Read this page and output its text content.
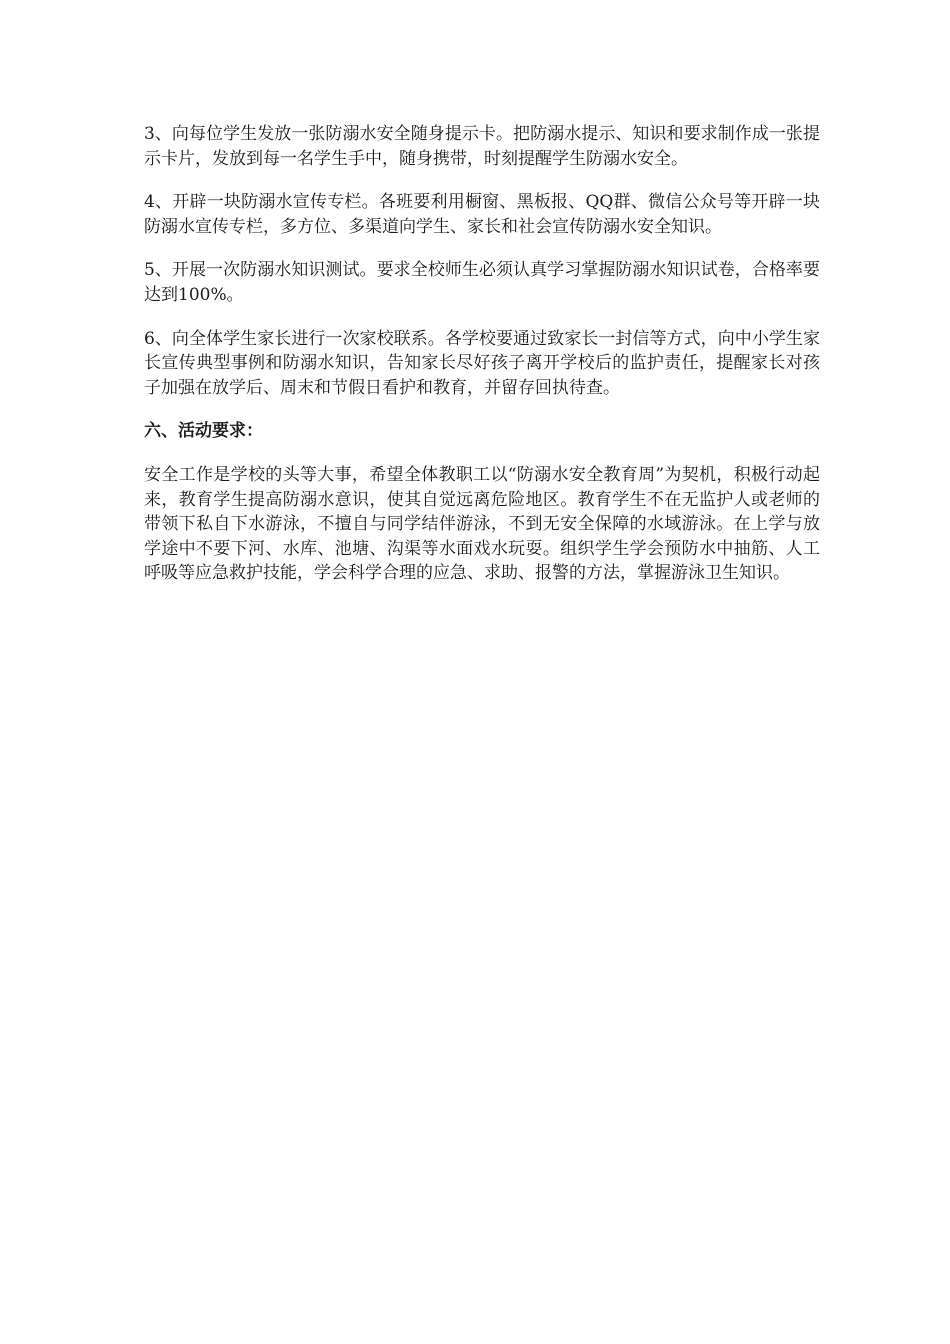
3、向每位学生发放一张防溺水安全随身提示卡。把防溺水提示、知识和要求制作成一张提示卡片，发放到每一名学生手中，随身携带，时刻提醒学生防溺水安全。

4、开辟一块防溺水宣传专栏。各班要利用橱窗、黑板报、QQ群、微信公众号等开辟一块防溺水宣传专栏，多方位、多渠道向学生、家长和社会宣传防溺水安全知识。

5、开展一次防溺水知识测试。要求全校师生必须认真学习掌握防溺水知识试卷，合格率要达到100%。

6、向全体学生家长进行一次家校联系。各学校要通过致家长一封信等方式，向中小学生家长宣传典型事例和防溺水知识，告知家长尽好孩子离开学校后的监护责任，提醒家长对孩子加强在放学后、周末和节假日看护和教育，并留存回执待查。

六、活动要求：

安全工作是学校的头等大事，希望全体教职工以“防溺水安全教育周”为契机，积极行动起来，教育学生提高防溺水意识，使其自觉远离危险地区。教育学生不在无监护人或老师的带领下私自下水游泳，不擅自与同学结伴游泳，不到无安全保障的水域游泳。在上学与放学途中不要下河、水库、池塘、沟渠等水面戏水玩耍。组织学生学会预防水中抽筋、人工呼吸等应急救护技能，学会科学合理的应急、求助、报警的方法，掌握游泳卫生知识。
